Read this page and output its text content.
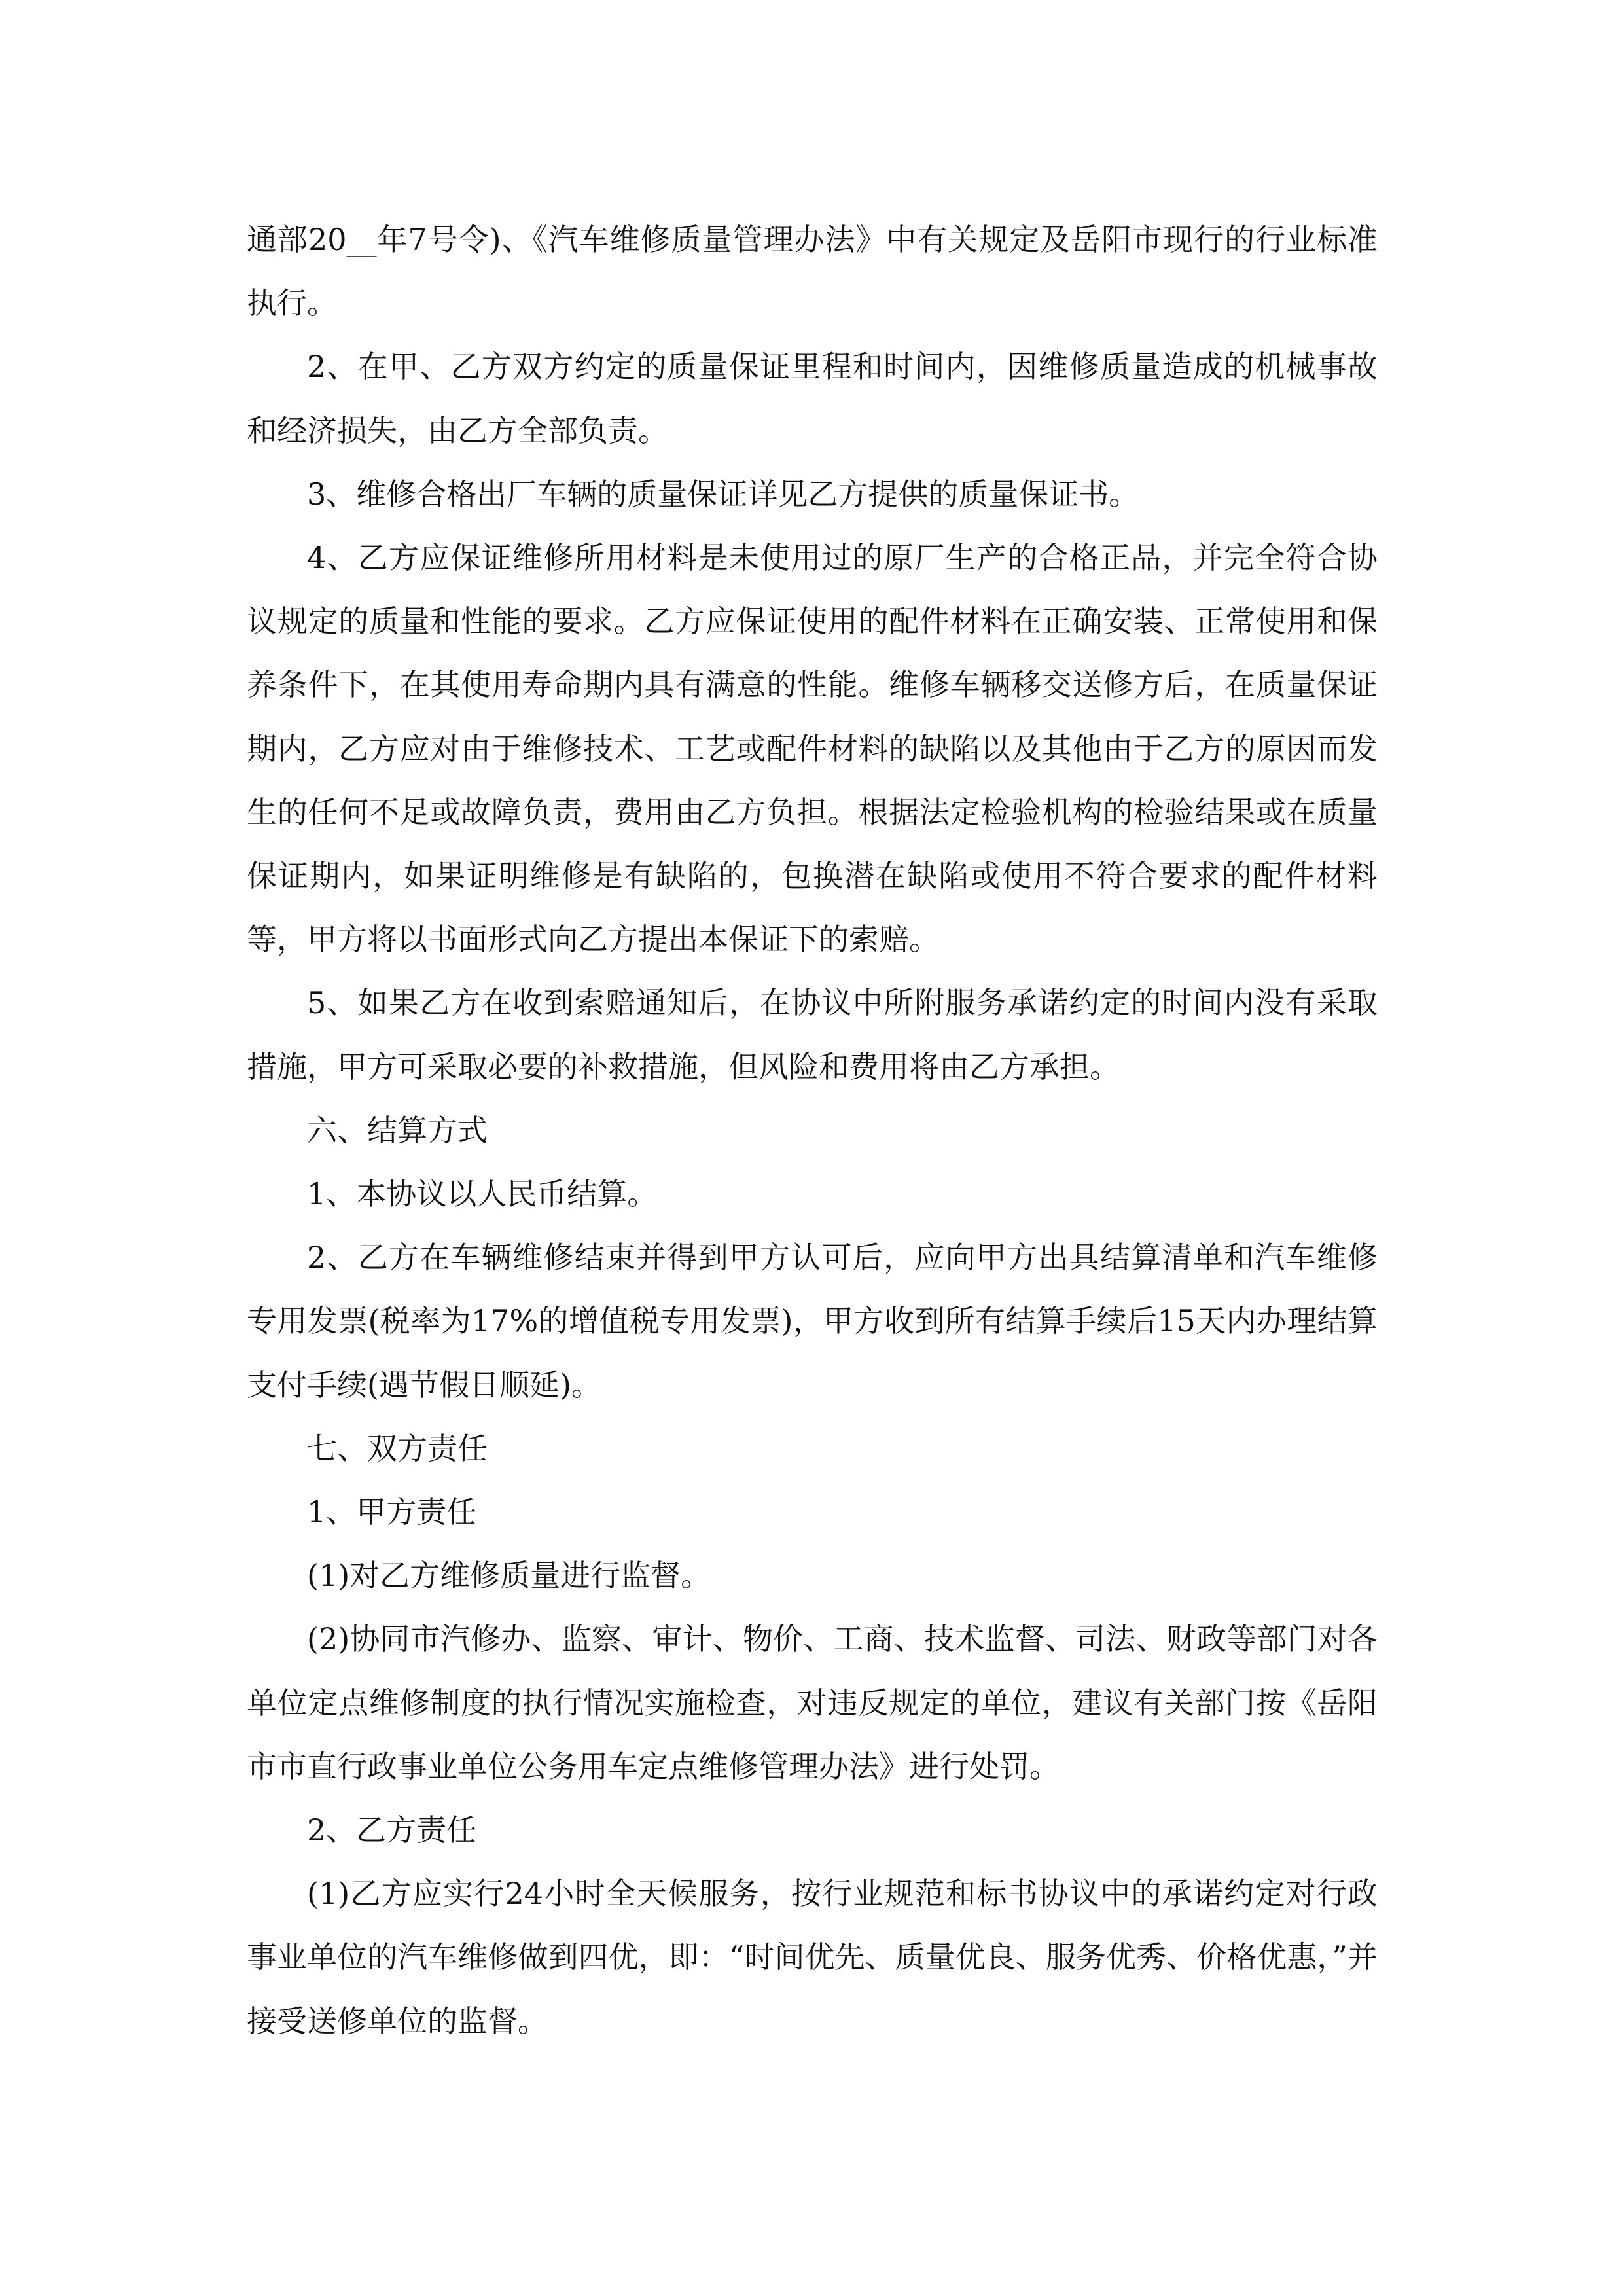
通部20__年7号令)、《汽车维修质量管理办法》中有关规定及岳阳市现行的行业标准执行。

2、在甲、乙方双方约定的质量保证里程和时间内，因维修质量造成的机械事故和经济损失，由乙方全部负责。

3、维修合格出厂车辆的质量保证详见乙方提供的质量保证书。

4、乙方应保证维修所用材料是未使用过的原厂生产的合格正品，并完全符合协议规定的质量和性能的要求。乙方应保证使用的配件材料在正确安装、正常使用和保养条件下，在其使用寿命期内具有满意的性能。维修车辆移交送修方后，在质量保证期内，乙方应对由于维修技术、工艺或配件材料的缺陷以及其他由于乙方的原因而发生的任何不足或故障负责，费用由乙方负担。根据法定检验机构的检验结果或在质量保证期内，如果证明维修是有缺陷的，包换潜在缺陷或使用不符合要求的配件材料等，甲方将以书面形式向乙方提出本保证下的索赔。

5、如果乙方在收到索赔通知后，在协议中所附服务承诺约定的时间内没有采取措施，甲方可采取必要的补救措施，但风险和费用将由乙方承担。

六、结算方式

1、本协议以人民币结算。

2、乙方在车辆维修结束并得到甲方认可后，应向甲方出具结算清单和汽车维修专用发票(税率为17%的增值税专用发票)，甲方收到所有结算手续后15天内办理结算支付手续(遇节假日顺延)。

七、双方责任

1、甲方责任

(1)对乙方维修质量进行监督。

(2)协同市汽修办、监察、审计、物价、工商、技术监督、司法、财政等部门对各单位定点维修制度的执行情况实施检查，对违反规定的单位，建议有关部门按《岳阳市市直行政事业单位公务用车定点维修管理办法》进行处罚。

2、乙方责任

(1)乙方应实行24小时全天候服务，按行业规范和标书协议中的承诺约定对行政事业单位的汽车维修做到四优，即：“时间优先、质量优良、服务优秀、价格优惠，”并接受送修单位的监督。
